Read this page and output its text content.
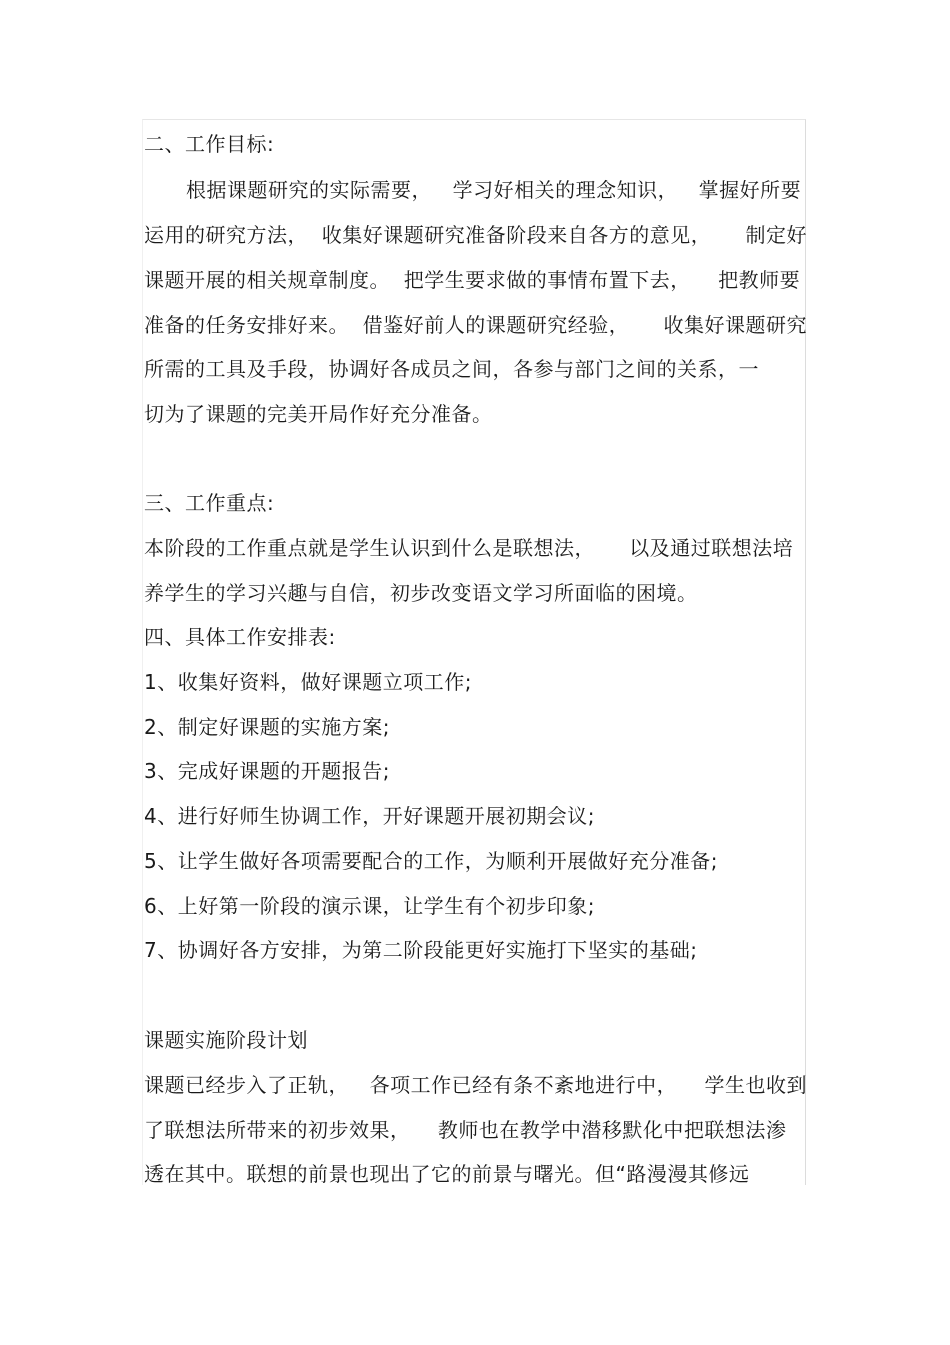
二、工作目标:
根据课题研究的实际需要，   学习好相关的理念知识，   掌握好所要
运用的研究方法，  收集好课题研究准备阶段来自各方的意见，     制定好
课题开展的相关规章制度。  把学生要求做的事情布置下去，    把教师要
准备的任务安排好来。  借鉴好前人的课题研究经验，     收集好课题研究
所需的工具及手段，协调好各成员之间，各参与部门之间的关系，一
切为了课题的完美开局作好充分准备。
三、工作重点:
本阶段的工作重点就是学生认识到什么是联想法，     以及通过联想法培
养学生的学习兴趣与自信，初步改变语文学习所面临的困境。
四、具体工作安排表:
1、收集好资料，做好课题立项工作;
2、制定好课题的实施方案;
3、完成好课题的开题报告;
4、进行好师生协调工作，开好课题开展初期会议;
5、让学生做好各项需要配合的工作，为顺利开展做好充分准备;
6、上好第一阶段的演示课，让学生有个初步印象;
7、协调好各方安排，为第二阶段能更好实施打下坚实的基础;
课题实施阶段计划
课题已经步入了正轨，   各项工作已经有条不紊地进行中，    学生也收到
了联想法所带来的初步效果，    教师也在教学中潜移默化中把联想法渗
透在其中。联想的前景也现出了它的前景与曙光。但“路漫漫其修远
